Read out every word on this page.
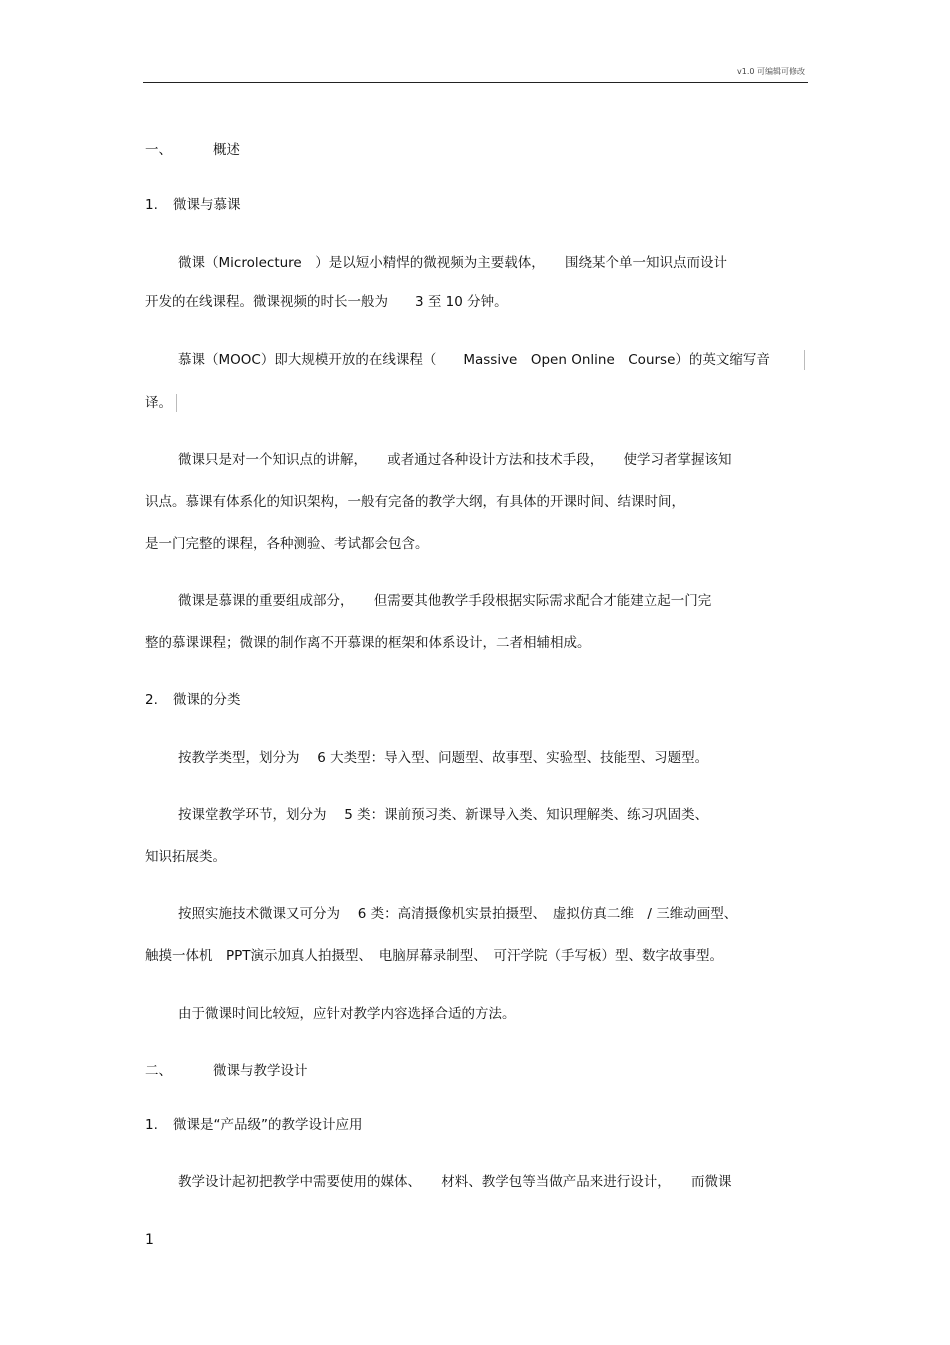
v1.0 可编辑可修改
一、	概述
1. 微课与慕课
微课（Microlecture　）是以短小精悍的微视频为主要载体，　　围绕某个单一知识点而设计
开发的在线课程。微课视频的时长一般为　　3 至 10 分钟。
慕课（MOOC）即大规模开放的在线课程（　　Massive　Open Online　Course）的英文缩写音
译。
微课只是对一个知识点的讲解，　　或者通过各种设计方法和技术手段，　　使学习者掌握该知
识点。慕课有体系化的知识架构，一般有完备的教学大纲，有具体的开课时间、结课时间，
是一门完整的课程，各种测验、考试都会包含。
微课是慕课的重要组成部分，　　但需要其他教学手段根据实际需求配合才能建立起一门完
整的慕课课程；微课的制作离不开慕课的框架和体系设计，二者相辅相成。
2. 微课的分类
按教学类型，划分为　 6 大类型：导入型、问题型、故事型、实验型、技能型、习题型。
按课堂教学环节，划分为　 5 类：课前预习类、新课导入类、知识理解类、练习巩固类、
知识拓展类。
按照实施技术微课又可分为　 6 类：高清摄像机实景拍摄型、　虚拟仿真二维　/ 三维动画型、
触摸一体机　PPT演示加真人拍摄型、　电脑屏幕录制型、　可汗学院（手写板）型、数字故事型。
由于微课时间比较短，应针对教学内容选择合适的方法。
二、	微课与教学设计
1. 微课是“产品级”的教学设计应用
教学设计起初把教学中需要使用的媒体、　　材料、教学包等当做产品来进行设计，　　而微课
1
